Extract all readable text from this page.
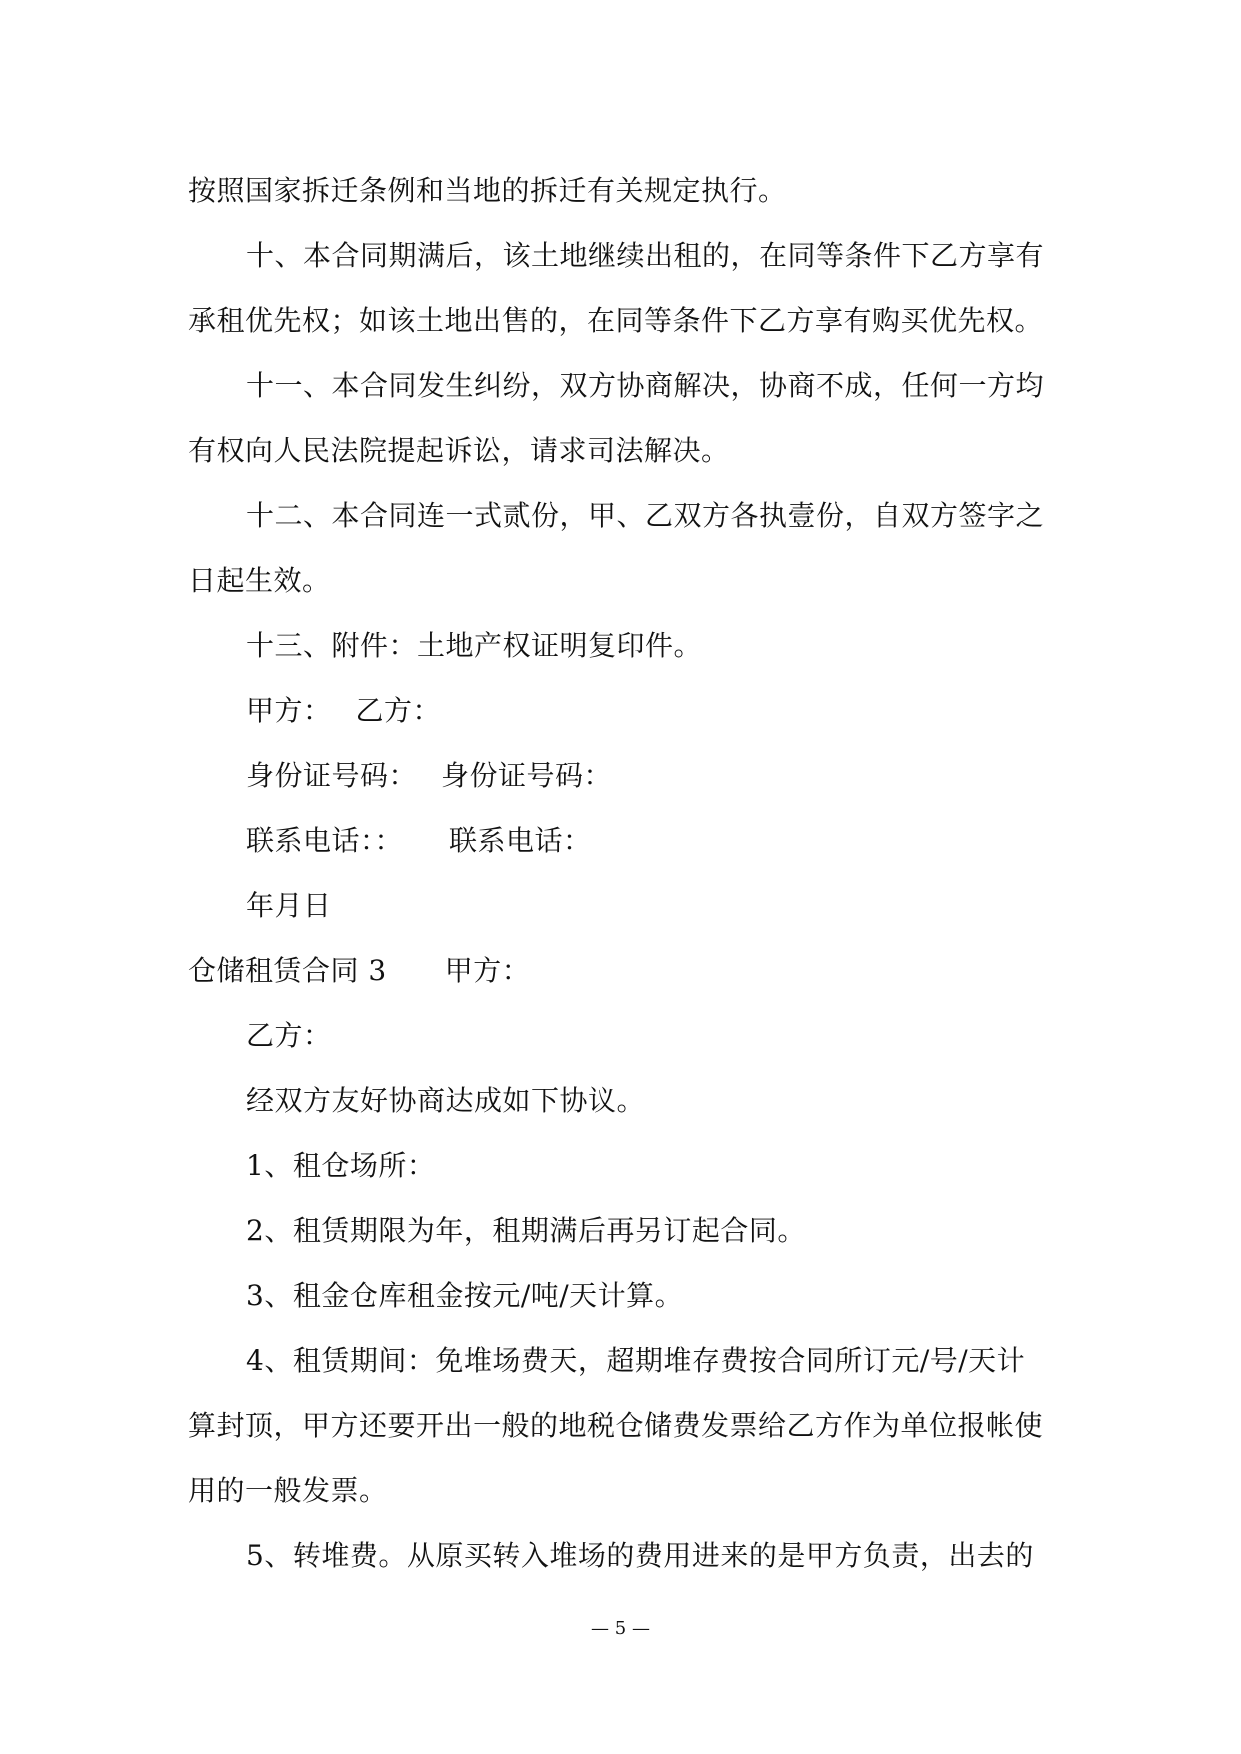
按照国家拆迁条例和当地的拆迁有关规定执行。
十、本合同期满后，该土地继续出租的，在同等条件下乙方享有
承租优先权；如该土地出售的，在同等条件下乙方享有购买优先权。
十一、本合同发生纠纷，双方协商解决，协商不成，任何一方均
有权向人民法院提起诉讼，请求司法解决。
十二、本合同连一式贰份，甲、乙双方各执壹份，自双方签字之
日起生效。
十三、附件：土地产权证明复印件。
甲方： 乙方：
身份证号码： 身份证号码：
联系电话：： 联系电话：
年月日
仓储租赁合同 3 甲方：
乙方：
经双方友好协商达成如下协议。
1、租仓场所：
2、租赁期限为年，租期满后再另订起合同。
3、租金仓库租金按元/吨/天计算。
4、租赁期间：免堆场费天，超期堆存费按合同所订元/号/天计
算封顶，甲方还要开出一般的地税仓储费发票给乙方作为单位报帐使
用的一般发票。
5、转堆费。从原买转入堆场的费用进来的是甲方负责，出去的
— 5 —
